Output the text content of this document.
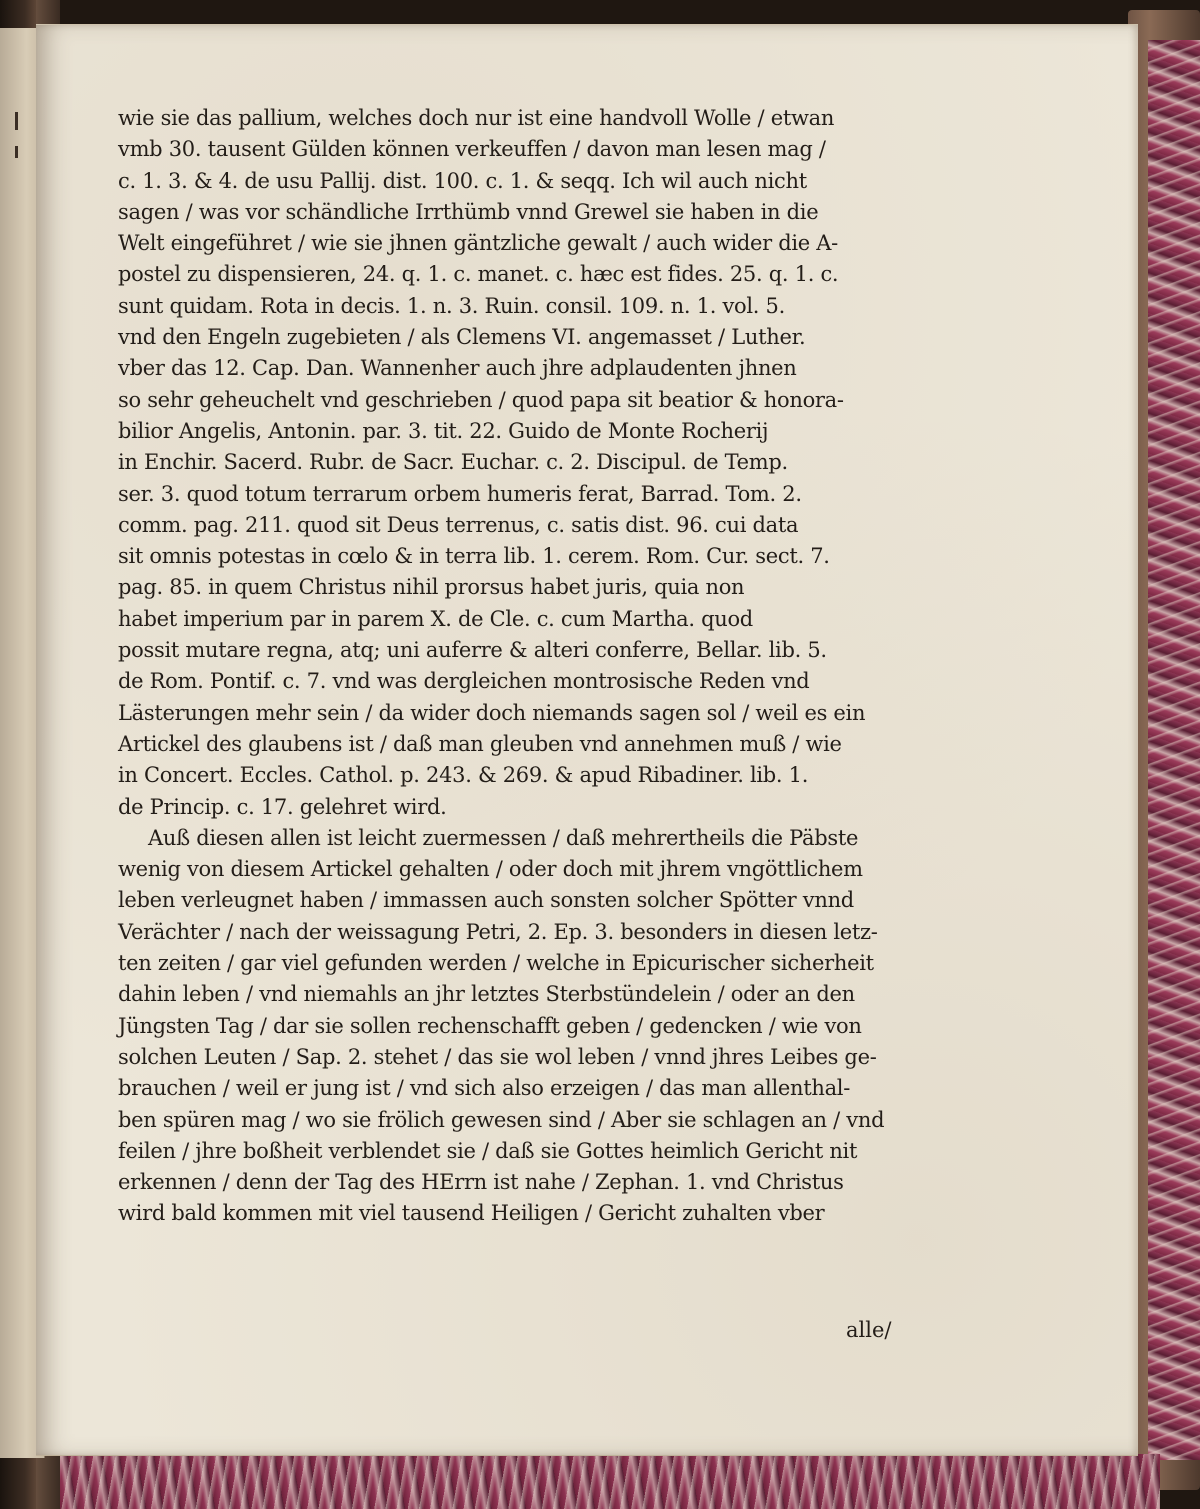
wie sie das pallium, welches doch nur ist eine handvoll Wolle / etwan
vmb 30. tausent Gülden können verkeuffen / davon man lesen mag /
c. 1. 3. & 4. de usu Pallij. dist. 100. c. 1. & seqq. Ich wil auch nicht
sagen / was vor schändliche Irrthümb vnnd Grewel sie haben in die
Welt eingeführet / wie sie jhnen gäntzliche gewalt / auch wider die A-
postel zu dispensieren, 24. q. 1. c. manet. c. hæc est fides. 25. q. 1. c.
sunt quidam. Rota in decis. 1. n. 3. Ruin. consil. 109. n. 1. vol. 5.
vnd den Engeln zugebieten / als Clemens VI. angemasset / Luther.
vber das 12. Cap. Dan. Wannenher auch jhre adplaudenten jhnen
so sehr geheuchelt vnd geschrieben / quod papa sit beatior & honora-
bilior Angelis, Antonin. par. 3. tit. 22. Guido de Monte Rocherij
in Enchir. Sacerd. Rubr. de Sacr. Euchar. c. 2. Discipul. de Temp.
ser. 3. quod totum terrarum orbem humeris ferat, Barrad. Tom. 2.
comm. pag. 211. quod sit Deus terrenus, c. satis dist. 96. cui data
sit omnis potestas in cœlo & in terra lib. 1. cerem. Rom. Cur. sect. 7.
pag. 85. in quem Christus nihil prorsus habet juris, quia non
habet imperium par in parem X. de Cle. c. cum Martha. quod
possit mutare regna, atq; uni auferre & alteri conferre, Bellar. lib. 5.
de Rom. Pontif. c. 7. vnd was dergleichen montrosische Reden vnd
Lästerungen mehr sein / da wider doch niemands sagen sol / weil es ein
Artickel des glaubens ist / daß man gleuben vnd annehmen muß / wie
in Concert. Eccles. Cathol. p. 243. & 269. & apud Ribadiner. lib. 1.
de Princip. c. 17. gelehret wird.
Auß diesen allen ist leicht zuermessen / daß mehrertheils die Päbste
wenig von diesem Artickel gehalten / oder doch mit jhrem vngöttlichem
leben verleugnet haben / immassen auch sonsten solcher Spötter vnnd
Verächter / nach der weissagung Petri, 2. Ep. 3. besonders in diesen letz-
ten zeiten / gar viel gefunden werden / welche in Epicurischer sicherheit
dahin leben / vnd niemahls an jhr letztes Sterbstündelein / oder an den
Jüngsten Tag / dar sie sollen rechenschafft geben / gedencken / wie von
solchen Leuten / Sap. 2. stehet / das sie wol leben / vnnd jhres Leibes ge-
brauchen / weil er jung ist / vnd sich also erzeigen / das man allenthal-
ben spüren mag / wo sie frölich gewesen sind / Aber sie schlagen an / vnd
feilen / jhre boßheit verblendet sie / daß sie Gottes heimlich Gericht nit
erkennen / denn der Tag des HErrn ist nahe / Zephan. 1. vnd Christus
wird bald kommen mit viel tausend Heiligen / Gericht zuhalten vber
alle/
